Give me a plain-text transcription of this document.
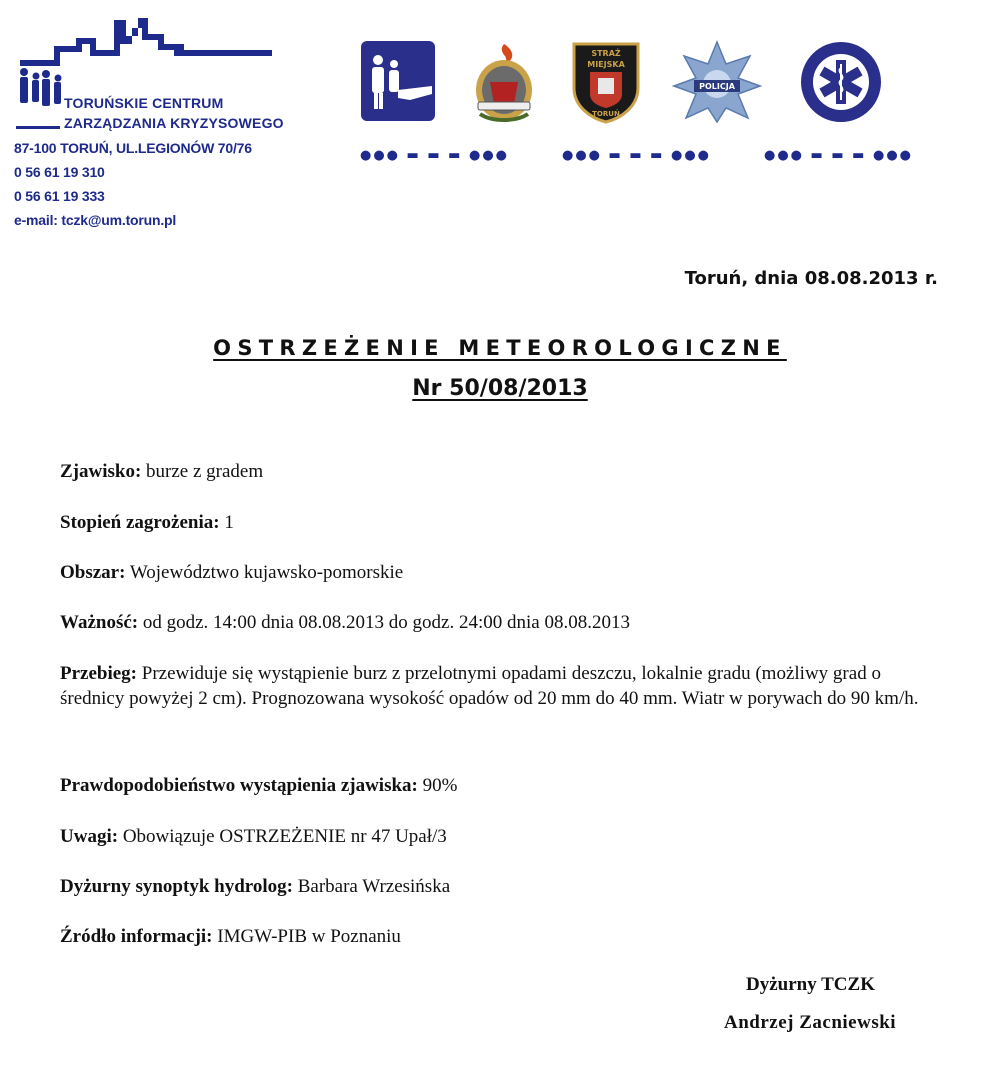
TORUŃSKIE CENTRUM
ZARZĄDZANIA KRYZYSOWEGO
87-100 TORUŃ, UL.LEGIONÓW 70/76
0 56 61 19 310
0 56 61 19 333
e-mail: tczk@um.torun.pl
STRAŻ
MIEJSKA
TORUŃ
POLICJA
●●● ▬ ▬ ▬ ●●●	●●● ▬ ▬ ▬ ●●●	●●● ▬ ▬ ▬ ●●●
Toruń, dnia 08.08.2013 r.
OSTRZEŻENIE METEOROLOGICZNE
Nr 50/08/2013
Zjawisko: burze z gradem
Stopień zagrożenia: 1
Obszar: Województwo kujawsko-pomorskie
Ważność: od godz. 14:00 dnia 08.08.2013 do godz. 24:00 dnia 08.08.2013
Przebieg: Przewiduje się wystąpienie burz z przelotnymi opadami deszczu, lokalnie gradu (możliwy grad o średnicy powyżej 2 cm). Prognozowana wysokość opadów od 20 mm do 40 mm. Wiatr w porywach do 90 km/h.
Prawdopodobieństwo wystąpienia zjawiska: 90%
Uwagi: Obowiązuje OSTRZEŻENIE nr 47 Upał/3
Dyżurny synoptyk hydrolog: Barbara Wrzesińska
Źródło informacji: IMGW-PIB w Poznaniu
Dyżurny TCZK
Andrzej Zacniewski
